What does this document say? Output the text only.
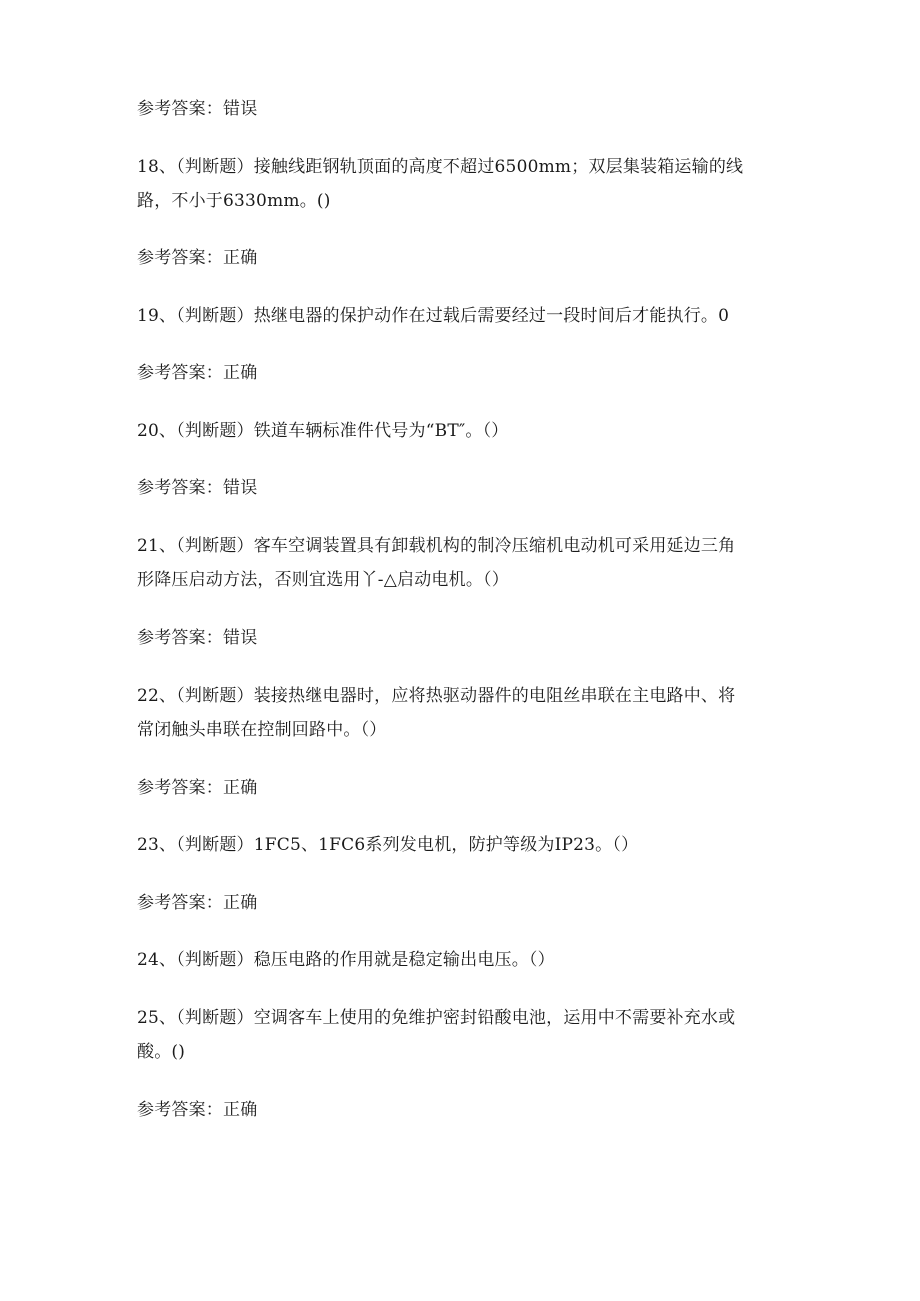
参考答案：错误
18、（判断题）接触线距钢轨顶面的高度不超过6500mm；双层集装箱运输的线
路，不小于6330mm。()
参考答案：正确
19、（判断题）热继电器的保护动作在过载后需要经过一段时间后才能执行。0
参考答案：正确
20、（判断题）铁道车辆标准件代号为“BT″。（）
参考答案：错误
21、（判断题）客车空调装置具有卸载机构的制冷压缩机电动机可采用延边三角
形降压启动方法，否则宜选用丫-△启动电机。（）
参考答案：错误
22、（判断题）装接热继电器时，应将热驱动器件的电阻丝串联在主电路中、将
常闭触头串联在控制回路中。（）
参考答案：正确
23、（判断题）1FC5、1FC6系列发电机，防护等级为IP23。（）
参考答案：正确
24、（判断题）稳压电路的作用就是稳定输出电压。（）
25、（判断题）空调客车上使用的免维护密封铅酸电池，运用中不需要补充水或
酸。()
参考答案：正确
